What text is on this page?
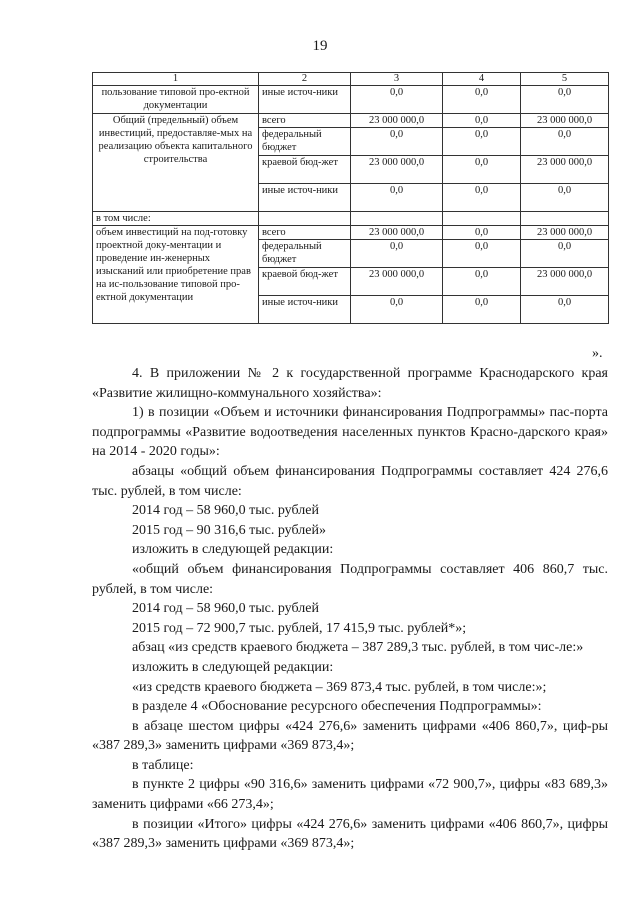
19
1	2	3	4	5
пользование типовой про-ектной документации	иные источ-ники	0,0	0,0	0,0
Общий (предельный) объем инвестиций, предоставляе-мых на реализацию объекта капитального строительства	всего	23 000 000,0	0,0	23 000 000,0
	федеральный бюджет	0,0	0,0	0,0
	краевой бюд-жет	23 000 000,0	0,0	23 000 000,0
	иные источ-ники	0,0	0,0	0,0
в том числе:				
объем инвестиций на под-готовку проектной доку-ментации и проведение ин-женерных изысканий или приобретение прав на ис-пользование типовой про-ектной документации	всего	23 000 000,0	0,0	23 000 000,0
	федеральный бюджет	0,0	0,0	0,0
	краевой бюд-жет	23 000 000,0	0,0	23 000 000,0
	иные источ-ники	0,0	0,0	0,0
».

4. В приложении № 2 к государственной программе Краснодарского края «Развитие жилищно-коммунального хозяйства»:

1) в позиции «Объем и источники финансирования Подпрограммы» пас-порта подпрограммы «Развитие водоотведения населенных пунктов Красно-дарского края» на 2014 - 2020 годы»:

абзацы «общий объем финансирования Подпрограммы составляет 424 276,6 тыс. рублей, в том числе:

2014 год – 58 960,0 тыс. рублей

2015 год – 90 316,6 тыс. рублей»

изложить в следующей редакции:

«общий объем финансирования Подпрограммы составляет 406 860,7 тыс. рублей, в том числе:

2014 год – 58 960,0 тыс. рублей

2015 год – 72 900,7 тыс. рублей, 17 415,9 тыс. рублей*»;

абзац «из средств краевого бюджета – 387 289,3 тыс. рублей, в том чис-ле:»

изложить в следующей редакции:

«из средств краевого бюджета – 369 873,4 тыс. рублей, в том числе:»;

в разделе 4 «Обоснование ресурсного обеспечения Подпрограммы»:

в абзаце шестом цифры «424 276,6» заменить цифрами «406 860,7», циф-ры «387 289,3» заменить цифрами «369 873,4»;

в таблице:

в пункте 2 цифры «90 316,6» заменить цифрами «72 900,7», цифры «83 689,3» заменить цифрами «66 273,4»;

в позиции «Итого» цифры «424 276,6» заменить цифрами «406 860,7», цифры «387 289,3» заменить цифрами «369 873,4»;
